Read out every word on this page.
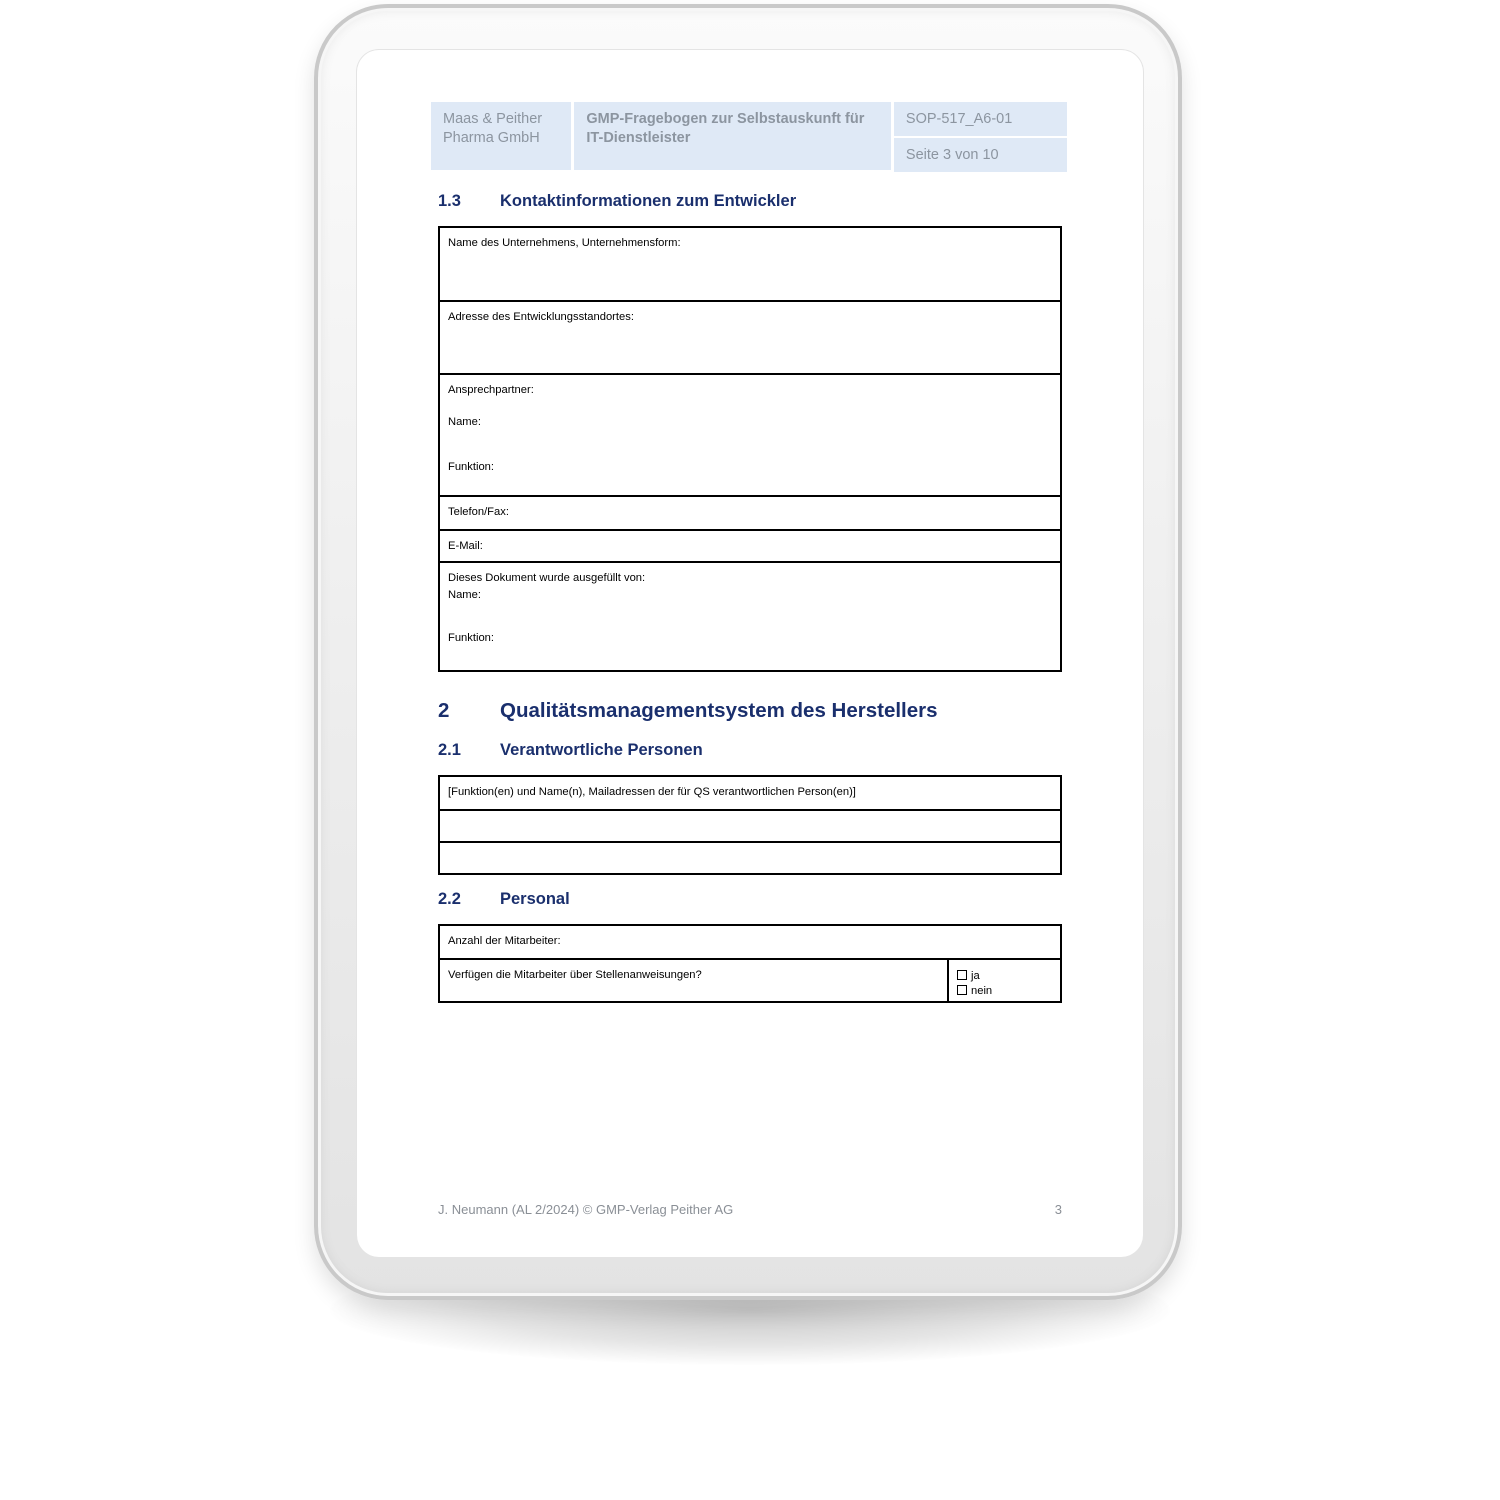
Maas & Peither Pharma GmbH
GMP-Fragebogen zur Selbstauskunft für IT-Dienstleister
SOP-517_A6-01
Seite 3 von 10
1.3	Kontaktinformationen zum Entwickler
Name des Unternehmens, Unternehmensform:

Adresse des Entwicklungsstandortes:

Ansprechpartner:
Name:
Funktion:

Telefon/Fax:

E-Mail:

Dieses Dokument wurde ausgefüllt von:
Name:
Funktion:
2	Qualitätsmanagementsystem des Herstellers
2.1	Verantwortliche Personen
[Funktion(en) und Name(n), Mailadressen der für QS verantwortlichen Person(en)]

2.2	Personal
Anzahl der Mitarbeiter:

Verfügen die Mitarbeiter über Stellenanweisungen?	ja
nein
J. Neumann (AL 2/2024) © GMP-Verlag Peither AG	3
